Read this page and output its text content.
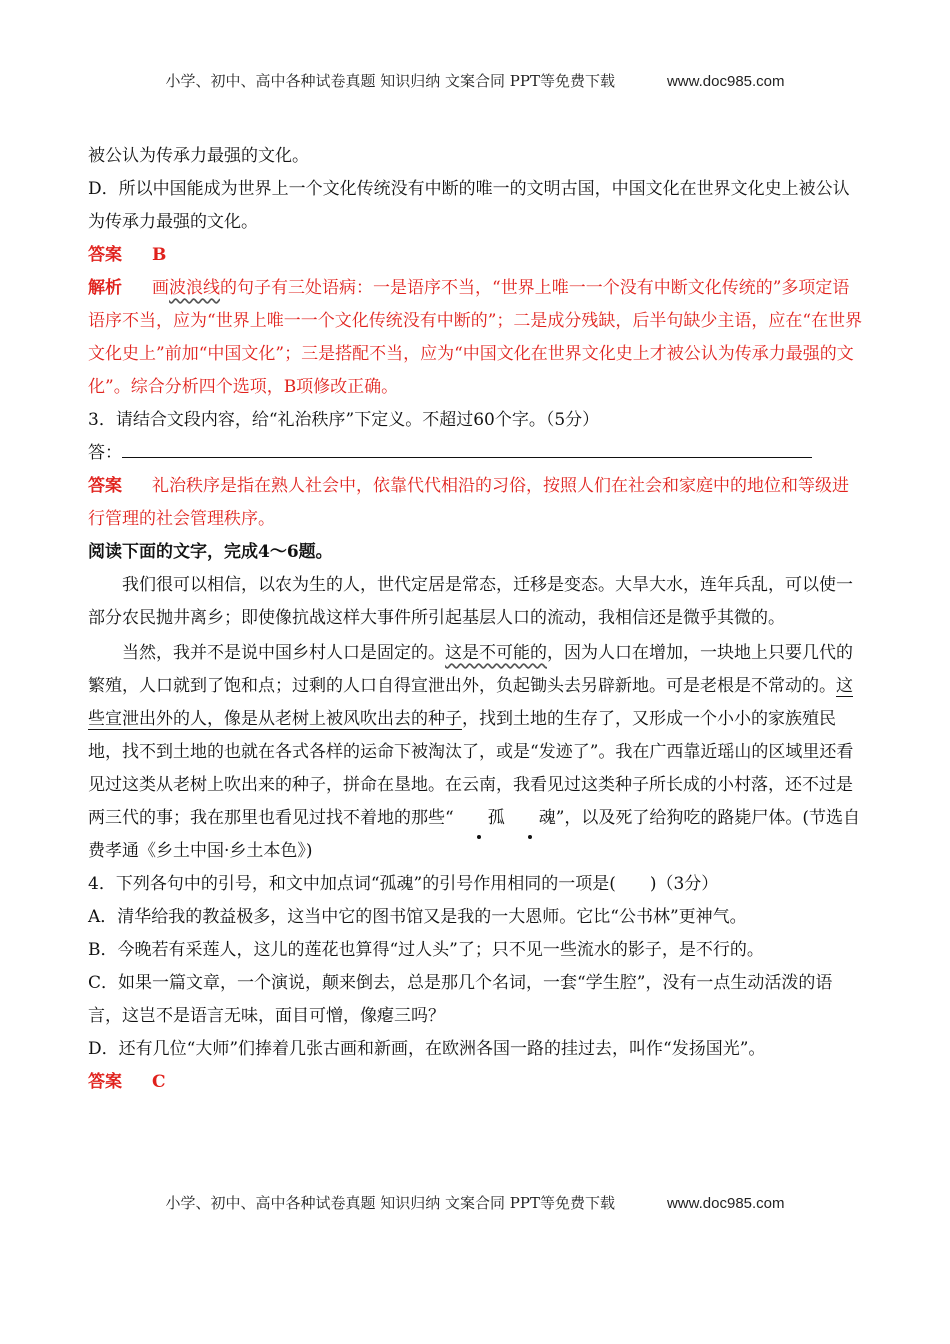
小学、初中、高中各种试卷真题 知识归纳 文案合同 PPT等免费下载	www.doc985.com

被公认为传承力最强的文化。

D．所以中国能成为世界上一个文化传统没有中断的唯一的文明古国，中国文化在世界文化史上被公认为传承力最强的文化。

答案 B

解析 画波浪线的句子有三处语病：一是语序不当，“世界上唯一一个没有中断文化传统的”多项定语语序不当，应为“世界上唯一一个文化传统没有中断的”；二是成分残缺，后半句缺少主语，应在“在世界文化史上”前加“中国文化”；三是搭配不当，应为“中国文化在世界文化史上才被公认为传承力最强的文化”。综合分析四个选项，B项修改正确。

3．请结合文段内容，给“礼治秩序”下定义。不超过60个字。（5分）

答：

答案 礼治秩序是指在熟人社会中，依靠代代相沿的习俗，按照人们在社会和家庭中的地位和等级进行管理的社会管理秩序。

阅读下面的文字，完成4～6题。

我们很可以相信，以农为生的人，世代定居是常态，迁移是变态。大旱大水，连年兵乱，可以使一部分农民抛井离乡；即使像抗战这样大事件所引起基层人口的流动，我相信还是微乎其微的。

当然，我并不是说中国乡村人口是固定的。这是不可能的，因为人口在增加，一块地上只要几代的繁殖，人口就到了饱和点；过剩的人口自得宣泄出外，负起锄头去另辟新地。可是老根是不常动的。这些宣泄出外的人，像是从老树上被风吹出去的种子，找到土地的生存了，又形成一个小小的家族殖民地，找不到土地的也就在各式各样的运命下被淘汰了，或是“发迹了”。我在广西靠近瑶山的区域里还看见过这类从老树上吹出来的种子，拼命在垦地。在云南，我看见过这类种子所长成的小村落，还不过是两三代的事；我在那里也看见过找不着地的那些“ 孤 魂”，以及死了给狗吃的路毙尸体。(节选自费孝通《乡土中国·乡土本色》)

4．下列各句中的引号，和文中加点词“孤魂”的引号作用相同的一项是(　　)（3分）

A．清华给我的教益极多，这当中它的图书馆又是我的一大恩师。它比“公书林”更神气。

B．今晚若有采莲人，这儿的莲花也算得“过人头”了；只不见一些流水的影子，是不行的。

C．如果一篇文章，一个演说，颠来倒去，总是那几个名词，一套“学生腔”，没有一点生动活泼的语言，这岂不是语言无味，面目可憎，像瘪三吗？

D．还有几位“大师”们捧着几张古画和新画，在欧洲各国一路的挂过去，叫作“发扬国光”。

答案 C

小学、初中、高中各种试卷真题 知识归纳 文案合同 PPT等免费下载	www.doc985.com
